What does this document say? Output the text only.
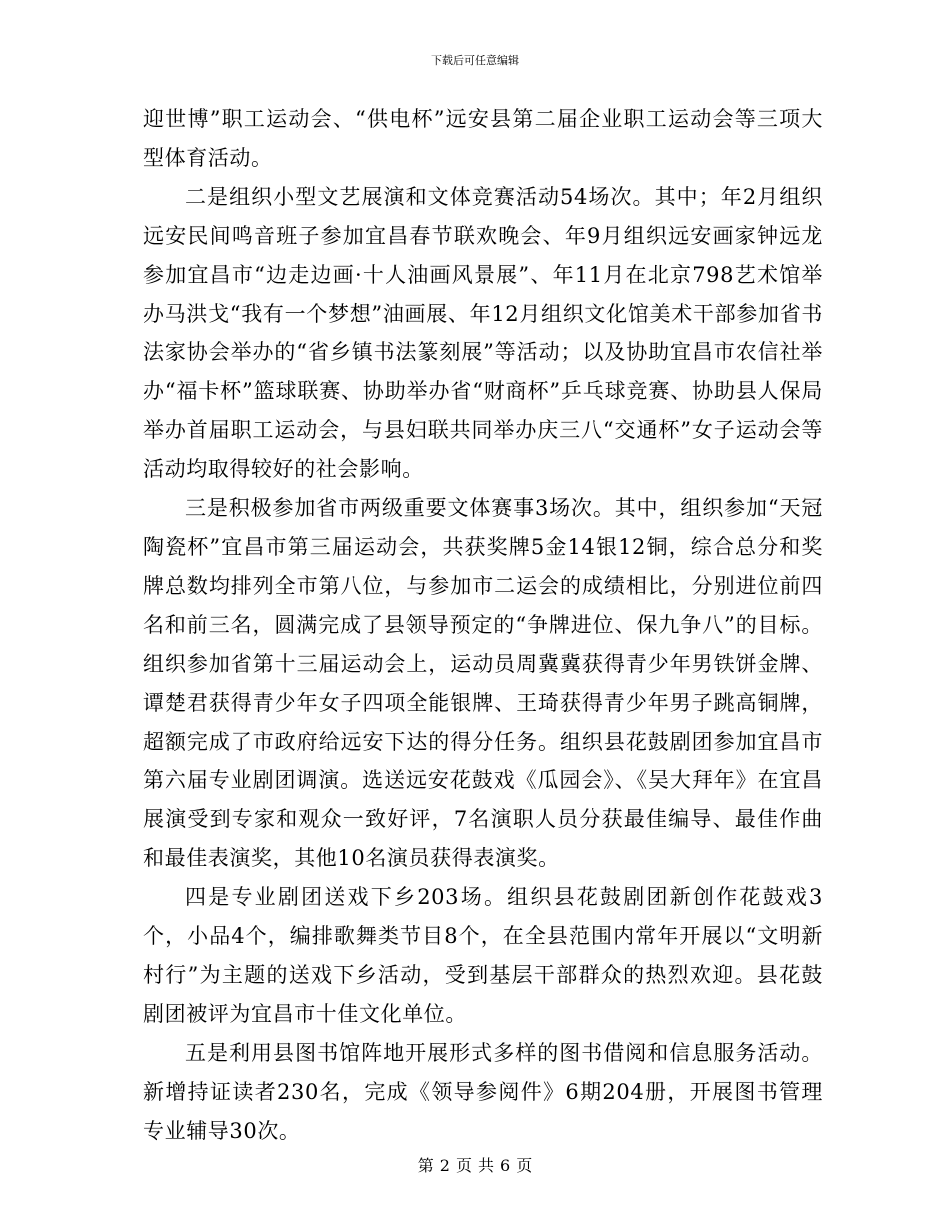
下载后可任意编辑

迎世博”职工运动会、“供电杯”远安县第二届企业职工运动会等三项大型体育活动。

二是组织小型文艺展演和文体竞赛活动54场次。其中；年2月组织远安民间鸣音班子参加宜昌春节联欢晚会、年9月组织远安画家钟远龙参加宜昌市“边走边画·十人油画风景展”、年11月在北京798艺术馆举办马洪戈“我有一个梦想”油画展、年12月组织文化馆美术干部参加省书法家协会举办的“省乡镇书法篆刻展”等活动；以及协助宜昌市农信社举办“福卡杯”篮球联赛、协助举办省“财商杯”乒乓球竞赛、协助县人保局举办首届职工运动会，与县妇联共同举办庆三八“交通杯”女子运动会等活动均取得较好的社会影响。

三是积极参加省市两级重要文体赛事3场次。其中，组织参加“天冠陶瓷杯”宜昌市第三届运动会，共获奖牌5金14银12铜，综合总分和奖牌总数均排列全市第八位，与参加市二运会的成绩相比，分别进位前四名和前三名，圆满完成了县领导预定的“争牌进位、保九争八”的目标。组织参加省第十三届运动会上，运动员周冀冀获得青少年男铁饼金牌、谭楚君获得青少年女子四项全能银牌、王琦获得青少年男子跳高铜牌，超额完成了市政府给远安下达的得分任务。组织县花鼓剧团参加宜昌市第六届专业剧团调演。选送远安花鼓戏《瓜园会》、《吴大拜年》在宜昌展演受到专家和观众一致好评，7名演职人员分获最佳编导、最佳作曲和最佳表演奖，其他10名演员获得表演奖。

四是专业剧团送戏下乡203场。组织县花鼓剧团新创作花鼓戏3个，小品4个，编排歌舞类节目8个，在全县范围内常年开展以“文明新村行”为主题的送戏下乡活动，受到基层干部群众的热烈欢迎。县花鼓剧团被评为宜昌市十佳文化单位。

五是利用县图书馆阵地开展形式多样的图书借阅和信息服务活动。新增持证读者230名，完成《领导参阅件》6期204册，开展图书管理专业辅导30次。

第 2 页 共 6 页
